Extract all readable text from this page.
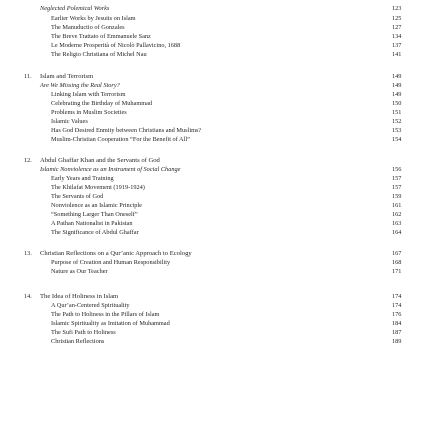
Neglected Polemical Works	123
Earlier Works by Jesuits on Islam	125
The Manuductio of Gonzales	127
The Breve Trattato of Emmanuele Sanz	134
Le Moderne Prosperità of Nicolò Pallavicino, 1688	137
The Religio Christiana of Michel Nau	141
11. Islam and Terrorism	149
Are We Missing the Real Story?	149
Linking Islam with Terrorism	149
Celebrating the Birthday of Muhammad	150
Problems in Muslim Societies	151
Islamic Values	152
Has God Desired Enmity between Christians and Muslims?	153
Muslim-Christian Cooperation “For the Benefit of All”	154
12. Abdul Ghaffar Khan and the Servants of God
Islamic Nonviolence as an Instrument of Social Change	156
Early Years and Training	157
The Khilafat Movement (1919-1924)	157
The Servants of God	159
Nonviolence as an Islamic Principle	161
“Something Larger Than Oneself”	162
A Pathan Nationalist in Pakistan	163
The Significance of Abdul Ghaffar	164
13. Christian Reflections on a Qur’anic Approach to Ecology	167
Purpose of Creation and Human Responsibility	168
Nature as Our Teacher	171
14. The Idea of Holiness in Islam	174
A Qur’an-Centered Spirituality	174
The Path to Holiness in the Pillars of Islam	176
Islamic Spirituality as Imitation of Muhammad	184
The Sufi Path to Holiness	187
Christian Reflections	189
